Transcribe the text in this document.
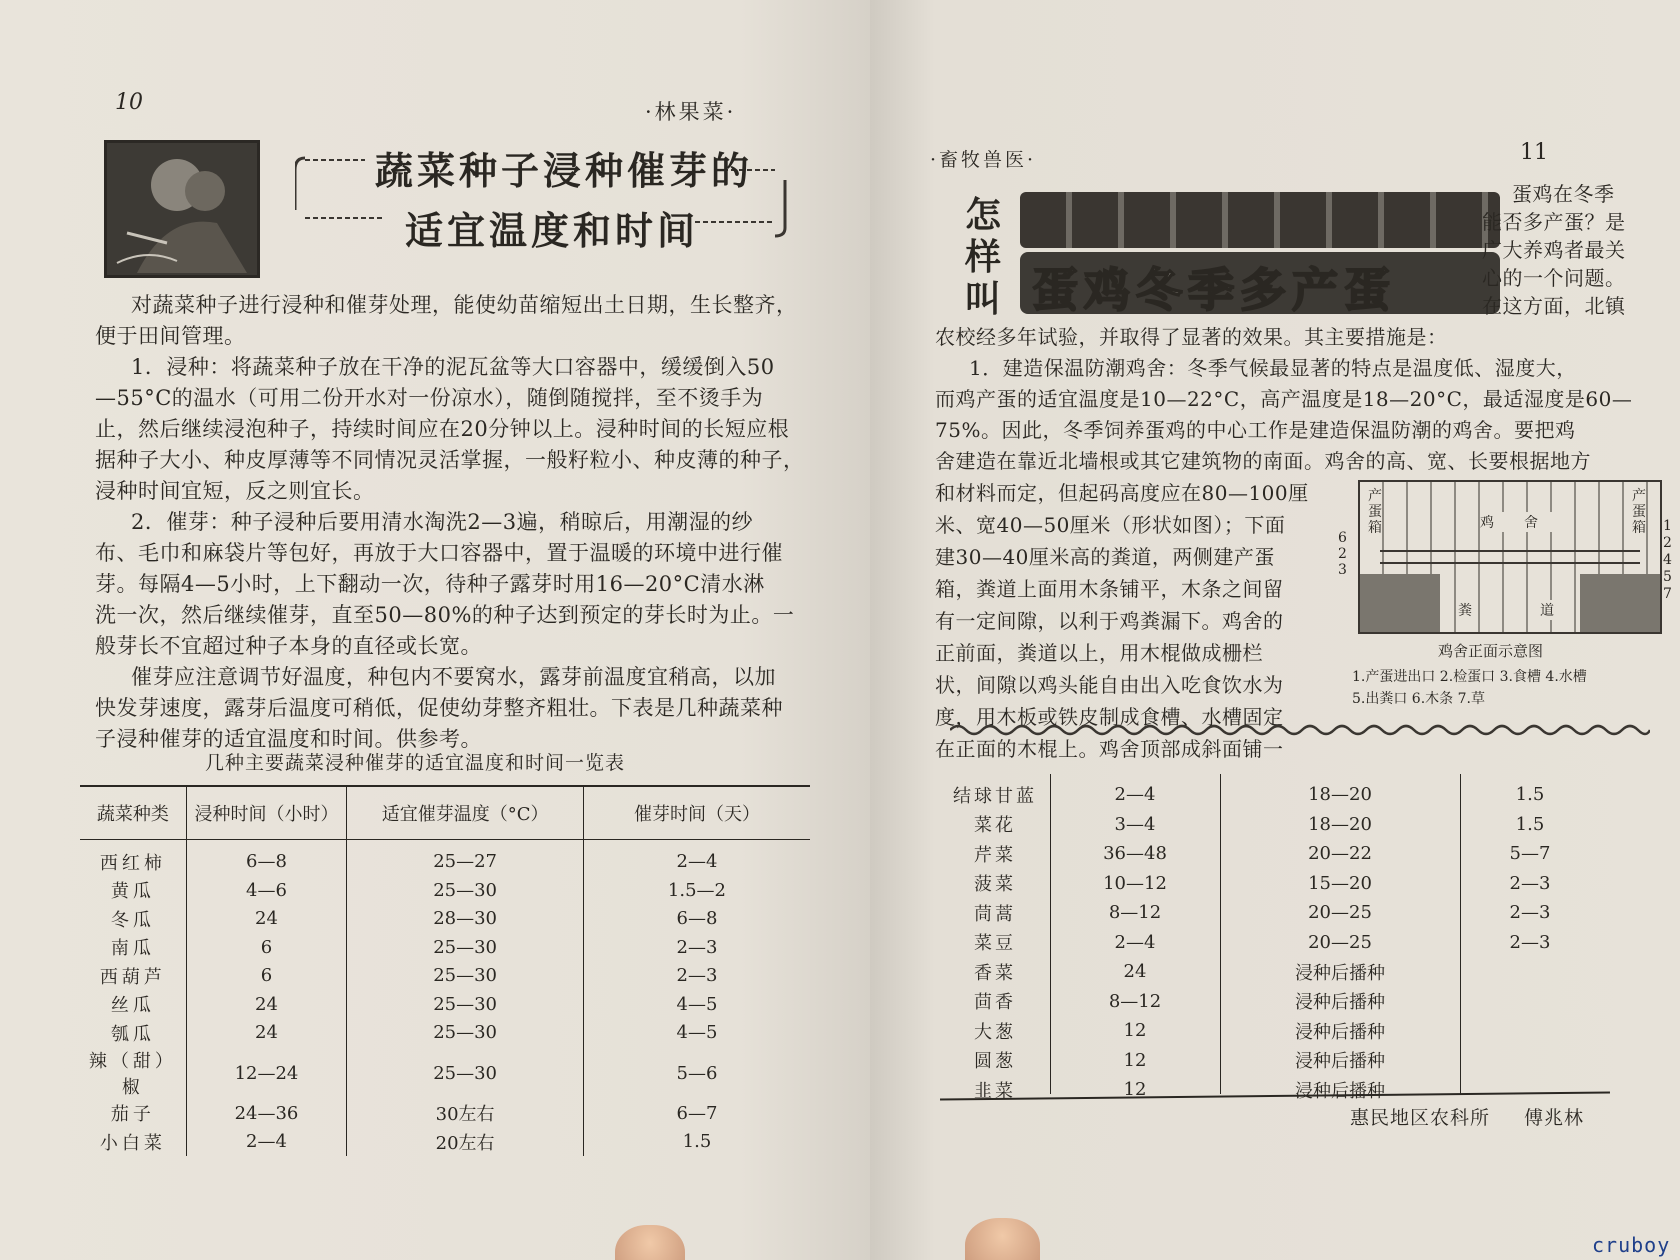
10	·林果菜·
蔬菜种子浸种催芽的
适宜温度和时间
对蔬菜种子进行浸种和催芽处理，能使幼苗缩短出土日期，生长整齐，
便于田间管理。
1．浸种：将蔬菜种子放在干净的泥瓦盆等大口容器中，缓缓倒入50
—55°C的温水（可用二份开水对一份凉水），随倒随搅拌，至不烫手为
止，然后继续浸泡种子，持续时间应在20分钟以上。浸种时间的长短应根
据种子大小、种皮厚薄等不同情况灵活掌握，一般籽粒小、种皮薄的种子，
浸种时间宜短，反之则宜长。
2．催芽：种子浸种后要用清水淘洗2—3遍，稍晾后，用潮湿的纱
布、毛巾和麻袋片等包好，再放于大口容器中，置于温暖的环境中进行催
芽。每隔4—5小时，上下翻动一次，待种子露芽时用16—20°C清水淋
洗一次，然后继续催芽，直至50—80%的种子达到预定的芽长时为止。一
般芽长不宜超过种子本身的直径或长宽。
催芽应注意调节好温度，种包内不要窝水，露芽前温度宜稍高，以加
快发芽速度，露芽后温度可稍低，促使幼芽整齐粗壮。下表是几种蔬菜种
子浸种催芽的适宜温度和时间。供参考。
几种主要蔬菜浸种催芽的适宜温度和时间一览表
蔬菜种类	浸种时间（小时）	适宜催芽温度（°C）	催芽时间（天）
西红柿	6—8	25—27	2—4
黄瓜	4—6	25—30	1.5—2
冬瓜	24	28—30	6—8
南瓜	6	25—30	2—3
西葫芦	6	25—30	2—3
丝瓜	24	25—30	4—5
瓠瓜	24	25—30	4—5
辣（甜）椒	12—24	25—30	5—6
茄子	24—36	30左右	6—7
小白菜	2—4	20左右	1.5
·畜牧兽医·	11
怎样叫 蛋鸡冬季多产蛋
蛋鸡在冬季
能否多产蛋？是
广大养鸡者最关
心的一个问题。
在这方面，北镇
农校经多年试验，并取得了显著的效果。其主要措施是：
1．建造保温防潮鸡舍：冬季气候最显著的特点是温度低、湿度大，
而鸡产蛋的适宜温度是10—22°C，高产温度是18—20°C，最适湿度是60—
75%。因此，冬季饲养蛋鸡的中心工作是建造保温防潮的鸡舍。要把鸡
舍建造在靠近北墙根或其它建筑物的南面。鸡舍的高、宽、长要根据地方
和材料而定，但起码高度应在80—100厘
米、宽40—50厘米（形状如图）；下面
建30—40厘米高的粪道，两侧建产蛋
箱，粪道上面用木条铺平，木条之间留
有一定间隙，以利于鸡粪漏下。鸡舍的
正前面，粪道以上，用木棍做成栅栏
状，间隙以鸡头能自由出入吃食饮水为
度，用木板或铁皮制成食槽、水槽固定
在正面的木棍上。鸡舍顶部成斜面铺一
产蛋箱	鸡舍
产蛋箱
粪	道
6
2
3
1
2
4
5
7
鸡舍正面示意图
1.产蛋进出口 2.检蛋口 3.食槽 4.水槽
5.出粪口 6.木条 7.草
结球甘蓝	2—4	18—20	1.5
菜花	3—4	18—20	1.5
芹菜	36—48	20—22	5—7
菠菜	10—12	15—20	2—3
茼蒿	8—12	20—25	2—3
菜豆	2—4	20—25	2—3
香菜	24	浸种后播种	
茴香	8—12	浸种后播种	
大葱	12	浸种后播种	
圆葱	12	浸种后播种	
韭菜	12	浸种后播种	
惠民地区农科所 傅兆林
cruboy
